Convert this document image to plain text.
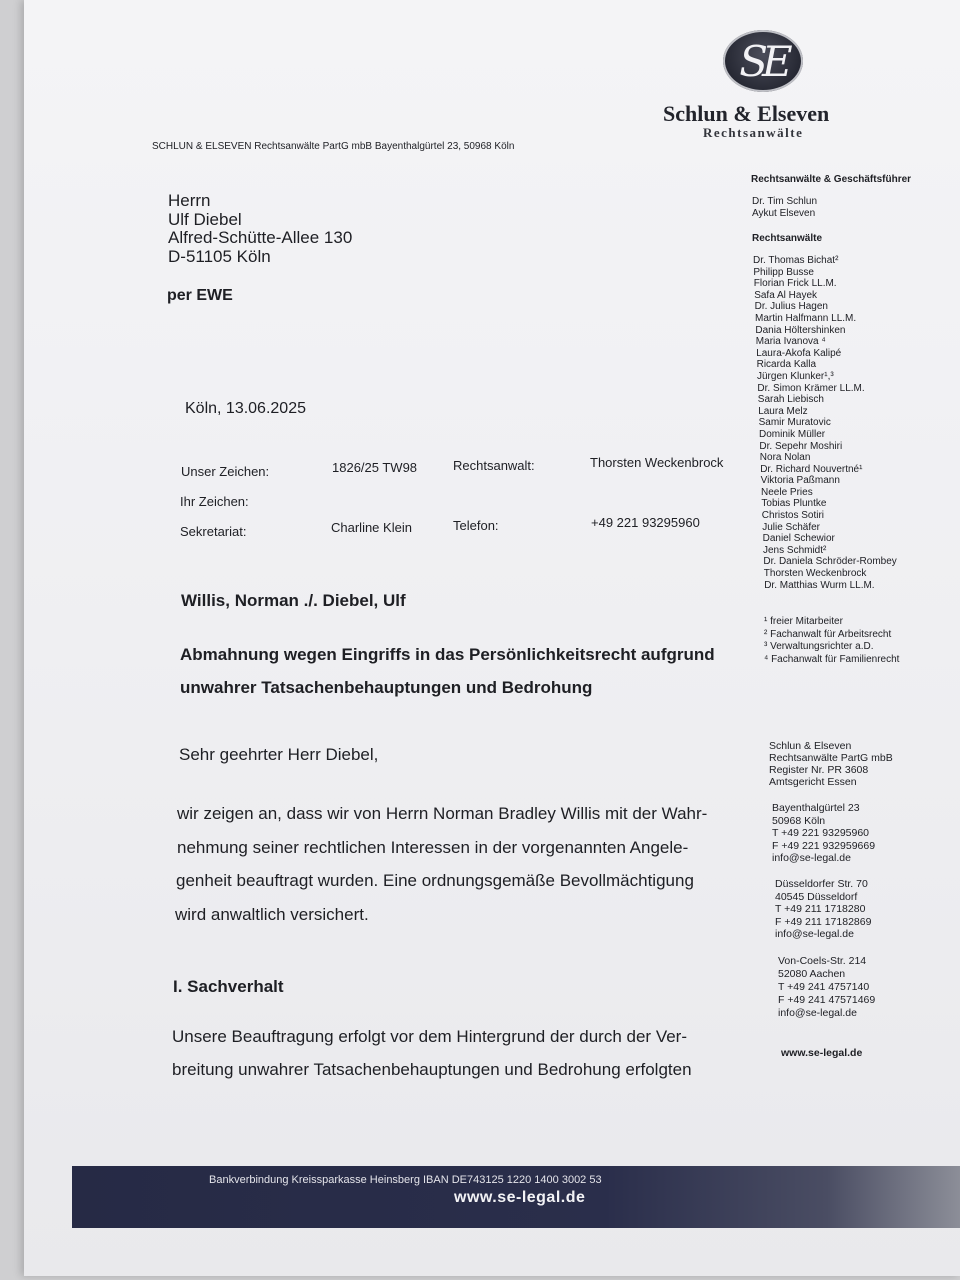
SE
Schlun & Elseven
Rechtsanwälte
SCHLUN & ELSEVEN Rechtsanwälte PartG mbB Bayenthalgürtel 23, 50968 Köln
Herrn
Ulf Diebel
Alfred-Schütte-Allee 130
D-51105 Köln
per EWE
Köln, 13.06.2025
Unser Zeichen:	1826/25 TW98	Rechtsanwalt:	Thorsten Weckenbrock
Ihr Zeichen:
Sekretariat:	Charline Klein	Telefon:	+49 221 93295960
Willis, Norman ./. Diebel, Ulf
Abmahnung wegen Eingriffs in das Persönlichkeitsrecht aufgrund
unwahrer Tatsachenbehauptungen und Bedrohung
Sehr geehrter Herr Diebel,
wir zeigen an, dass wir von Herrn Norman Bradley Willis mit der Wahr-
nehmung seiner rechtlichen Interessen in der vorgenannten Angele-
genheit beauftragt wurden. Eine ordnungsgemäße Bevollmächtigung
wird anwaltlich versichert.
I. Sachverhalt
Unsere Beauftragung erfolgt vor dem Hintergrund der durch der Ver-
breitung unwahrer Tatsachenbehauptungen und Bedrohung erfolgten
Rechtsanwälte & Geschäftsführer
Dr. Tim Schlun
Aykut Elseven
Rechtsanwälte
Dr. Thomas Bichat²
Philipp Busse
Florian Frick LL.M.
Safa Al Hayek
Dr. Julius Hagen
Martin Halfmann LL.M.
Dania Höltershinken
Maria Ivanova ⁴
Laura-Akofa Kalipé
Ricarda Kalla
Jürgen Klunker¹,³
Dr. Simon Krämer LL.M.
Sarah Liebisch
Laura Melz
Samir Muratovic
Dominik Müller
Dr. Sepehr Moshiri
Nora Nolan
Dr. Richard Nouvertné¹
Viktoria Paßmann
Neele Pries
Tobias Pluntke
Christos Sotiri
Julie Schäfer
Daniel Schewior
Jens Schmidt²
Dr. Daniela Schröder-Rombey
Thorsten Weckenbrock
Dr. Matthias Wurm LL.M.
¹ freier Mitarbeiter
² Fachanwalt für Arbeitsrecht
³ Verwaltungsrichter a.D.
⁴ Fachanwalt für Familienrecht
Schlun & Elseven
Rechtsanwälte PartG mbB
Register Nr. PR 3608
Amtsgericht Essen
Bayenthalgürtel 23
50968 Köln
T +49 221 93295960
F +49 221 932959669
info@se-legal.de
Düsseldorfer Str. 70
40545 Düsseldorf
T +49 211 1718280
F +49 211 17182869
info@se-legal.de
Von-Coels-Str. 214
52080 Aachen
T +49 241 4757140
F +49 241 47571469
info@se-legal.de
www.se-legal.de
Bankverbindung Kreissparkasse Heinsberg IBAN DE743125 1220 1400 3002 53
www.se-legal.de
